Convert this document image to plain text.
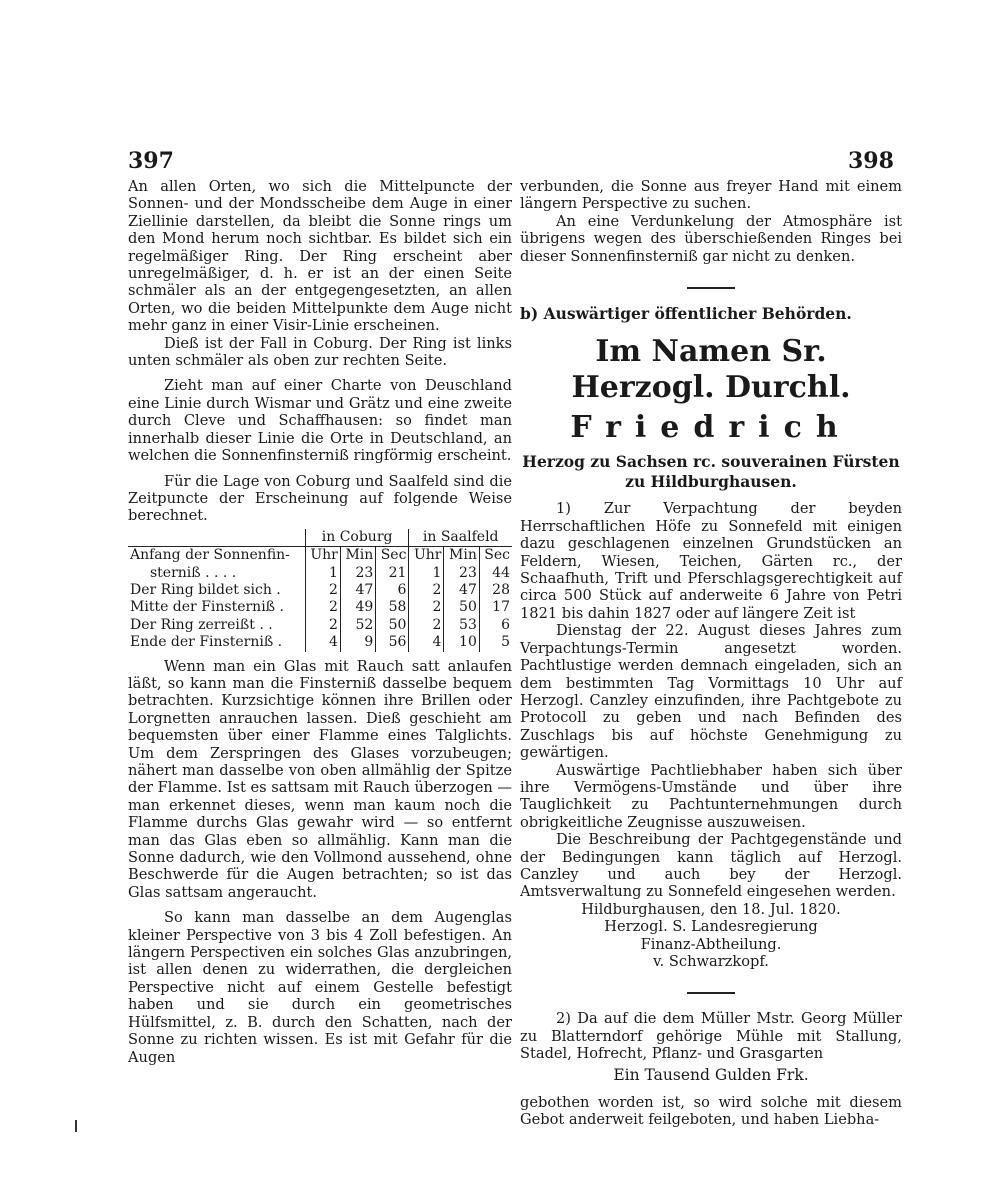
397	398

An allen Orten, wo sich die Mittelpuncte der Sonnen- und der Mondsscheibe dem Auge in einer Ziellinie darstellen, da bleibt die Sonne rings um den Mond herum noch sichtbar. Es bildet sich ein regelmäßiger Ring. Der Ring erscheint aber unregelmäßiger, d. h. er ist an der einen Seite schmäler als an der entgegengesetzten, an allen Orten, wo die beiden Mittelpunkte dem Auge nicht mehr ganz in einer Visir-Linie erscheinen.

Dieß ist der Fall in Coburg. Der Ring ist links unten schmäler als oben zur rechten Seite.

Zieht man auf einer Charte von Deuschland eine Linie durch Wismar und Grätz und eine zweite durch Cleve und Schaffhausen: so findet man innerhalb dieser Linie die Orte in Deutschland, an welchen die Sonnenfinsterniß ringförmig erscheint.

Für die Lage von Coburg und Saalfeld sind die Zeitpuncte der Erscheinung auf folgende Weise berechnet.

	in Coburg			in Saalfeld		
Anfang der Sonnenfin-	Uhr	Min	Sec	Uhr	Min	Sec
sterniß . . . .	1	23	21	1	23	44
Der Ring bildet sich .	2	47	6	2	47	28
Mitte der Finsterniß .	2	49	58	2	50	17
Der Ring zerreißt . .	2	52	50	2	53	6
Ende der Finsterniß .	4	9	56	4	10	5

Wenn man ein Glas mit Rauch satt anlaufen läßt, so kann man die Finsterniß dasselbe bequem betrachten. Kurzsichtige können ihre Brillen oder Lorgnetten anrauchen lassen. Dieß geschieht am bequemsten über einer Flamme eines Talglichts. Um dem Zerspringen des Glases vorzubeugen; nähert man dasselbe von oben allmählig der Spitze der Flamme. Ist es sattsam mit Rauch überzogen — man erkennet dieses, wenn man kaum noch die Flamme durchs Glas gewahr wird — so entfernt man das Glas eben so allmählig. Kann man die Sonne dadurch, wie den Vollmond aussehend, ohne Beschwerde für die Augen betrachten; so ist das Glas sattsam angeraucht.

So kann man dasselbe an dem Augenglas kleiner Perspective von 3 bis 4 Zoll befestigen. An längern Perspectiven ein solches Glas anzubringen, ist allen denen zu widerrathen, die dergleichen Perspective nicht auf einem Gestelle befestigt haben und sie durch ein geometrisches Hülfsmittel, z. B. durch den Schatten, nach der Sonne zu richten wissen. Es ist mit Gefahr für die Augen

verbunden, die Sonne aus freyer Hand mit einem längern Perspective zu suchen.

An eine Verdunkelung der Atmosphäre ist übrigens wegen des überschießenden Ringes bei dieser Sonnenfinsterniß gar nicht zu denken.

b) Auswärtiger öffentlicher Behörden.
Im Namen Sr. Herzogl. Durchl.
Friedrich
Herzog zu Sachsen rc. souverainen Fürsten zu Hildburghausen.

1) Zur Verpachtung der beyden Herrschaftlichen Höfe zu Sonnefeld mit einigen dazu geschlagenen einzelnen Grundstücken an Feldern, Wiesen, Teichen, Gärten rc., der Schaafhuth, Trift und Pferschlagsgerechtigkeit auf circa 500 Stück auf anderweite 6 Jahre von Petri 1821 bis dahin 1827 oder auf längere Zeit ist

Dienstag der 22. August dieses Jahres zum Verpachtungs-Termin angesetzt worden. Pachtlustige werden demnach eingeladen, sich an dem bestimmten Tag Vormittags 10 Uhr auf Herzogl. Canzley einzufinden, ihre Pachtgebote zu Protocoll zu geben und nach Befinden des Zuschlags bis auf höchste Genehmigung zu gewärtigen.

Auswärtige Pachtliebhaber haben sich über ihre Vermögens-Umstände und über ihre Tauglichkeit zu Pachtunternehmungen durch obrigkeitliche Zeugnisse auszuweisen.

Die Beschreibung der Pachtgegenstände und der Bedingungen kann täglich auf Herzogl. Canzley und auch bey der Herzogl. Amtsverwaltung zu Sonnefeld eingesehen werden.

Hildburghausen, den 18. Jul. 1820.
Herzogl. S. Landesregierung
Finanz-Abtheilung.
v. Schwarzkopf.

2) Da auf die dem Müller Mstr. Georg Müller zu Blatterndorf gehörige Mühle mit Stallung, Stadel, Hofrecht, Pflanz- und Grasgarten

Ein Tausend Gulden Frk.

gebothen worden ist, so wird solche mit diesem Gebot anderweit feilgeboten, und haben Liebha-
